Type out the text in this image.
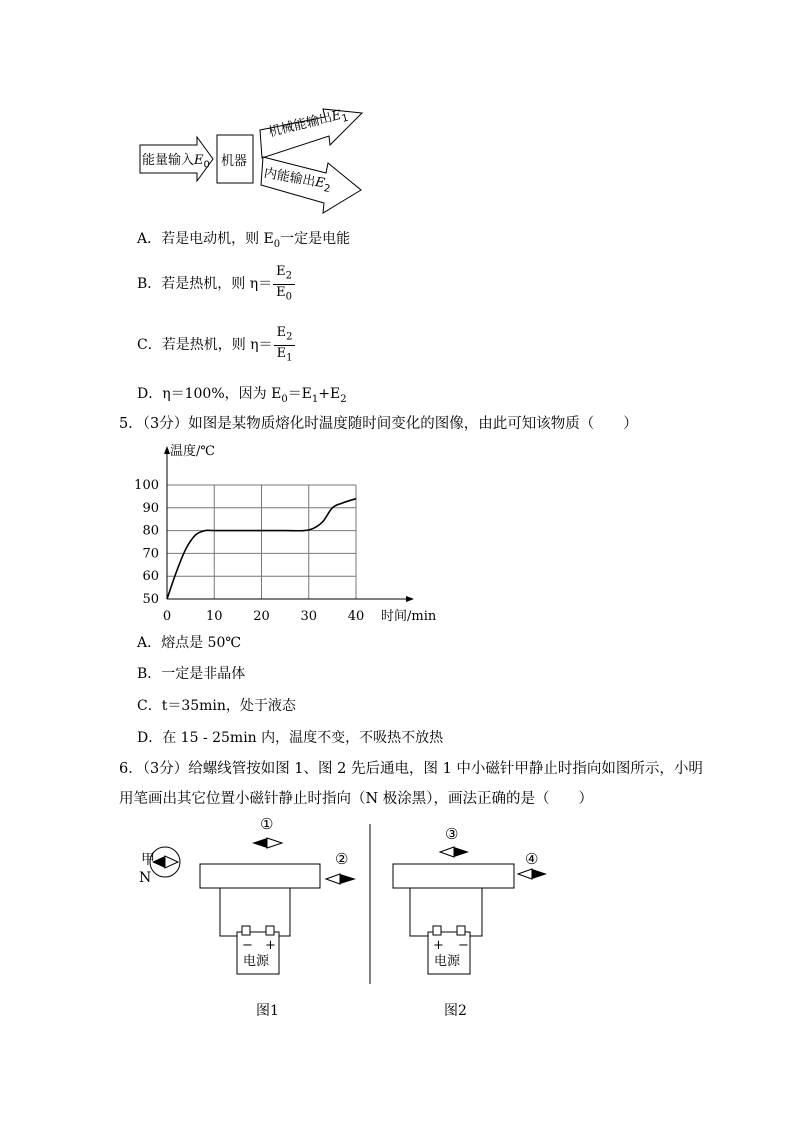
能量输入$E_0$ 机器
机械能输出$E_1$
内能输出$E_2$
A．若是电动机，则 $E_0$一定是电能
B．若是热机，则 $\eta= \frac{E_2}{E_0}$
C．若是热机，则 $\eta= \frac{E_2}{E_1}$
D．η＝100%，因为 $E_0=E_1+E_2$
5．（3分）如图是某物质熔化时温度随时间变化的图像，由此可知该物质（　　）
0	10 20 30 40
50
60
70
80
90
100
温度/℃
时间/min
A．熔点是 50℃
B．一定是非晶体
C．t＝35min，处于液态
D．在 15 - 25min 内，温度不变，不吸热不放热
6．（3分）给螺线管按如图 1、图 2 先后通电，图 1 中小磁针甲静止时指向如图所示，小明
用笔画出其它位置小磁针静止时指向（N 极涂黑），画法正确的是（　　）
甲
N
①
②
− +
电源
图1
③
④
+ −
电源
图2
